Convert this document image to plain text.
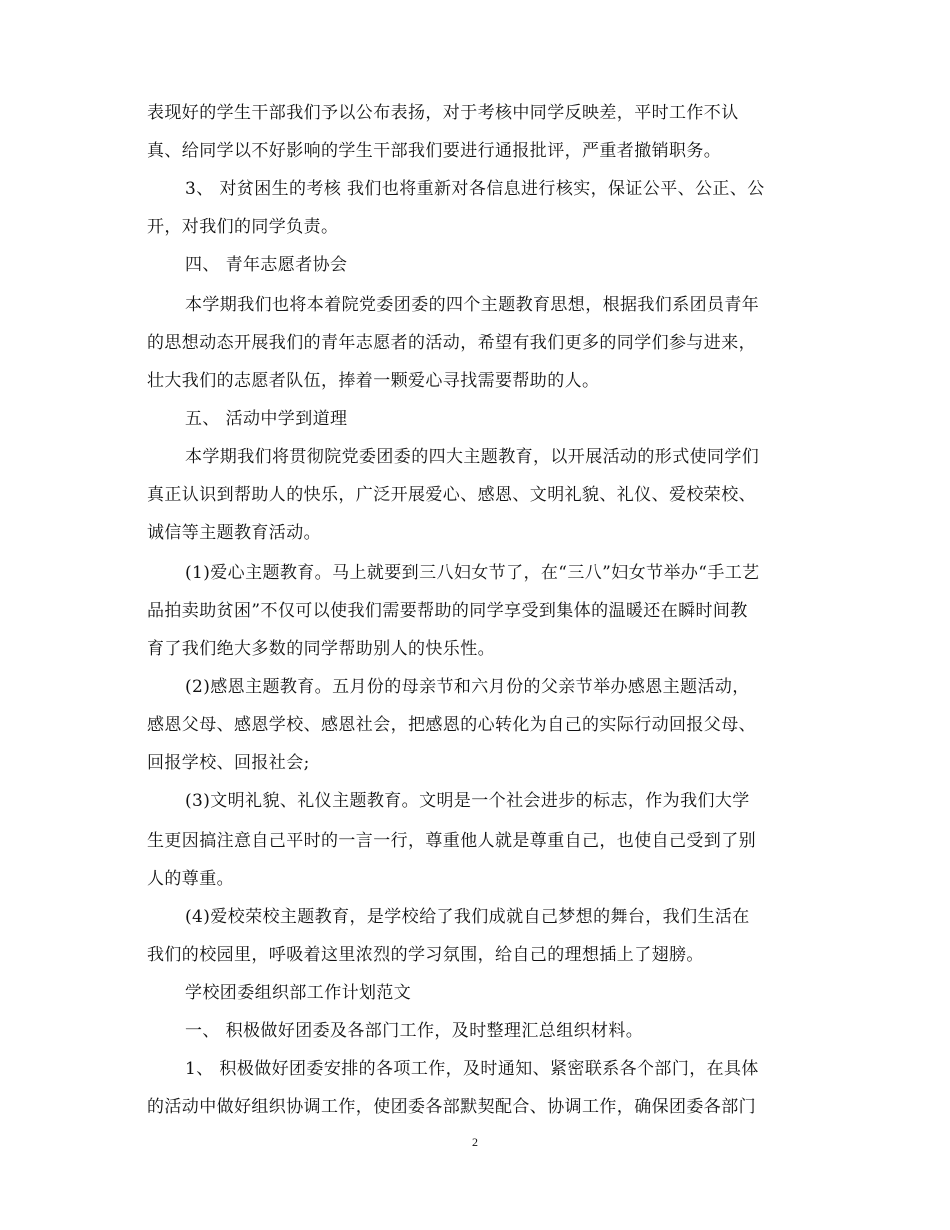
表现好的学生干部我们予以公布表扬，对于考核中同学反映差，平时工作不认
真、给同学以不好影响的学生干部我们要进行通报批评，严重者撤销职务。
3、 对贫困生的考核 我们也将重新对各信息进行核实，保证公平、公正、公
开，对我们的同学负责。
四、 青年志愿者协会
本学期我们也将本着院党委团委的四个主题教育思想，根据我们系团员青年
的思想动态开展我们的青年志愿者的活动，希望有我们更多的同学们参与进来，
壮大我们的志愿者队伍，捧着一颗爱心寻找需要帮助的人。
五、 活动中学到道理
本学期我们将贯彻院党委团委的四大主题教育，以开展活动的形式使同学们
真正认识到帮助人的快乐，广泛开展爱心、感恩、文明礼貌、礼仪、爱校荣校、
诚信等主题教育活动。
(1)爱心主题教育。马上就要到三八妇女节了，在“三八”妇女节举办“手工艺
品拍卖助贫困”不仅可以使我们需要帮助的同学享受到集体的温暖还在瞬时间教
育了我们绝大多数的同学帮助别人的快乐性。
(2)感恩主题教育。五月份的母亲节和六月份的父亲节举办感恩主题活动，
感恩父母、感恩学校、感恩社会，把感恩的心转化为自己的实际行动回报父母、
回报学校、回报社会;
(3)文明礼貌、礼仪主题教育。文明是一个社会进步的标志，作为我们大学
生更因搞注意自己平时的一言一行，尊重他人就是尊重自己，也使自己受到了别
人的尊重。
(4)爱校荣校主题教育，是学校给了我们成就自己梦想的舞台，我们生活在
我们的校园里，呼吸着这里浓烈的学习氛围，给自己的理想插上了翅膀。
学校团委组织部工作计划范文
一、 积极做好团委及各部门工作，及时整理汇总组织材料。
1、 积极做好团委安排的各项工作，及时通知、紧密联系各个部门，在具体
的活动中做好组织协调工作，使团委各部默契配合、协调工作，确保团委各部门
2
